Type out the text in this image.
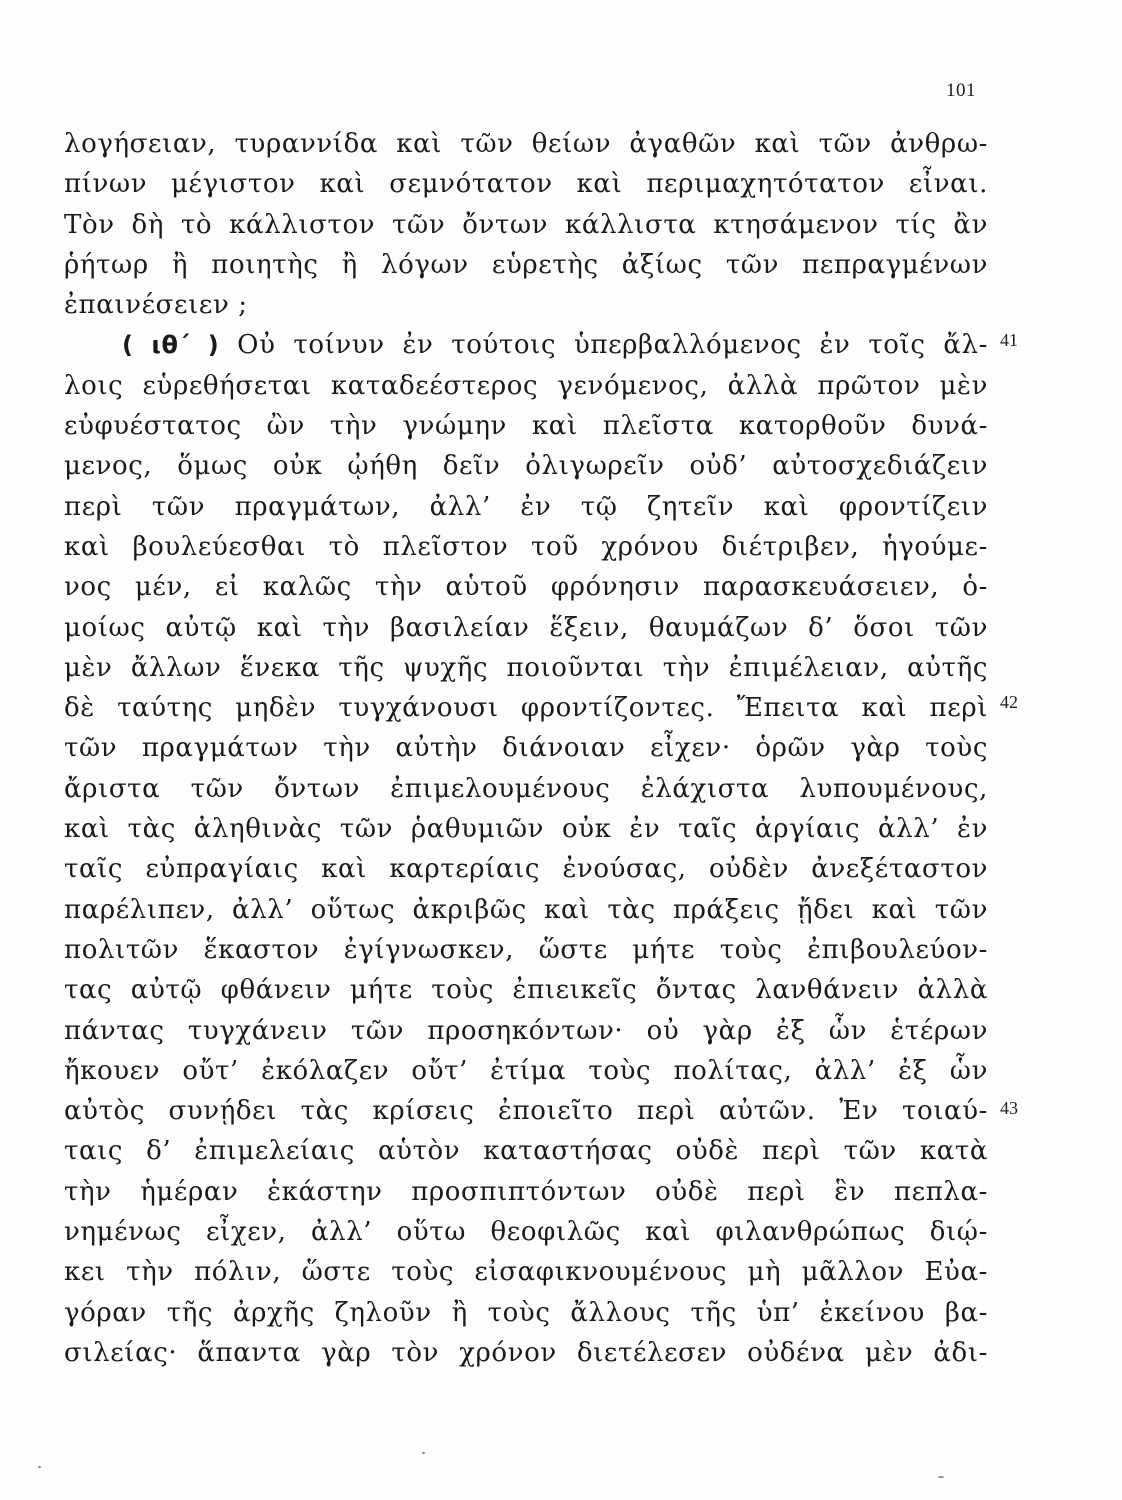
101
λογήσειαν, τυραννίδα καὶ τῶν θείων ἀγαθῶν καὶ τῶν ἀνθρω-
πίνων μέγιστον καὶ σεμνότατον καὶ περιμαχητότατον εἶναι.
Τὸν δὴ τὸ κάλλιστον τῶν ὄντων κάλλιστα κτησάμενον τίς ἂν
ῥήτωρ ἢ ποιητὴς ἢ λόγων εὑρετὴς ἀξίως τῶν πεπραγμένων
ἐπαινέσειεν ;
( ιθ΄ ) Οὐ τοίνυν ἐν τούτοις ὑπερβαλλόμενος ἐν τοῖς ἄλ-
λοις εὑρεθήσεται καταδεέστερος γενόμενος, ἀλλὰ πρῶτον μὲν
εὐφυέστατος ὢν τὴν γνώμην καὶ πλεῖστα κατορθοῦν δυνά-
μενος, ὅμως οὐκ ᾠήθη δεῖν ὀλιγωρεῖν οὐδ’ αὐτοσχεδιάζειν
περὶ τῶν πραγμάτων, ἀλλ’ ἐν τῷ ζητεῖν καὶ φροντίζειν
καὶ βουλεύεσθαι τὸ πλεῖστον τοῦ χρόνου διέτριβεν, ἡγούμε-
νος μέν, εἰ καλῶς τὴν αὑτοῦ φρόνησιν παρασκευάσειεν, ὁ-
μοίως αὐτῷ καὶ τὴν βασιλείαν ἕξειν, θαυμάζων δ’ ὅσοι τῶν
μὲν ἄλλων ἕνεκα τῆς ψυχῆς ποιοῦνται τὴν ἐπιμέλειαν, αὐτῆς
δὲ ταύτης μηδὲν τυγχάνουσι φροντίζοντες. Ἔπειτα καὶ περὶ
τῶν πραγμάτων τὴν αὐτὴν διάνοιαν εἶχεν· ὁρῶν γὰρ τοὺς
ἄριστα τῶν ὄντων ἐπιμελουμένους ἐλάχιστα λυπουμένους,
καὶ τὰς ἀληθινὰς τῶν ῥαθυμιῶν οὐκ ἐν ταῖς ἀργίαις ἀλλ’ ἐν
ταῖς εὐπραγίαις καὶ καρτερίαις ἐνούσας, οὐδὲν ἀνεξέταστον
παρέλιπεν, ἀλλ’ οὕτως ἀκριβῶς καὶ τὰς πράξεις ᾔδει καὶ τῶν
πολιτῶν ἕκαστον ἐγίγνωσκεν, ὥστε μήτε τοὺς ἐπιβουλεύον-
τας αὐτῷ φθάνειν μήτε τοὺς ἐπιεικεῖς ὄντας λανθάνειν ἀλλὰ
πάντας τυγχάνειν τῶν προσηκόντων· οὐ γὰρ ἐξ ὧν ἑτέρων
ἤκουεν οὔτ’ ἐκόλαζεν οὔτ’ ἐτίμα τοὺς πολίτας, ἀλλ’ ἐξ ὧν
αὐτὸς συνῄδει τὰς κρίσεις ἐποιεῖτο περὶ αὐτῶν. Ἐν τοιαύ-
ταις δ’ ἐπιμελείαις αὑτὸν καταστήσας οὐδὲ περὶ τῶν κατὰ
τὴν ἡμέραν ἑκάστην προσπιπτόντων οὐδὲ περὶ ἓν πεπλα-
νημένως εἶχεν, ἀλλ’ οὕτω θεοφιλῶς καὶ φιλανθρώπως διῴ-
κει τὴν πόλιν, ὥστε τοὺς εἰσαφικνουμένους μὴ μᾶλλον Εὐα-
γόραν τῆς ἀρχῆς ζηλοῦν ἢ τοὺς ἄλλους τῆς ὑπ’ ἐκείνου βα-
σιλείας· ἅπαντα γὰρ τὸν χρόνον διετέλεσεν οὐδένα μὲν ἀδι-
41
42
43
